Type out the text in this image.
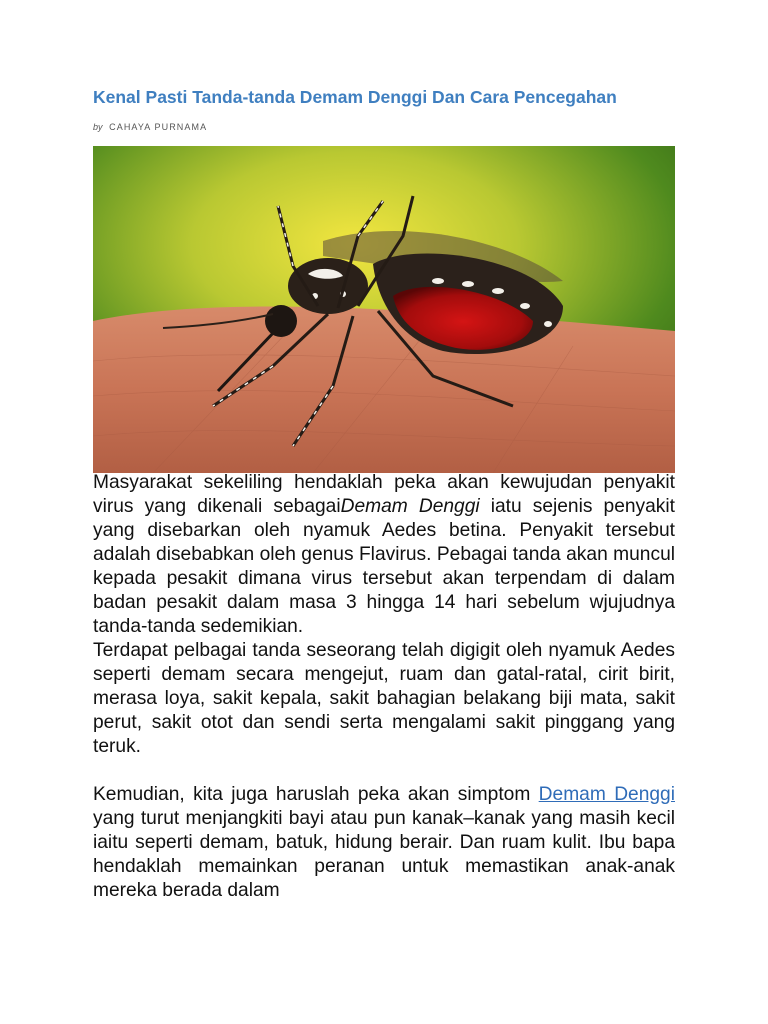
Kenal Pasti Tanda-tanda Demam Denggi Dan Cara Pencegahan
by CAHAYA PURNAMA

Masyarakat sekeliling hendaklah peka akan kewujudan penyakit virus yang dikenali sebagaiDemam Denggi iatu sejenis penyakit yang disebarkan oleh nyamuk Aedes betina. Penyakit tersebut adalah disebabkan oleh genus Flavirus. Pebagai tanda akan muncul kepada pesakit dimana virus tersebut akan terpendam di dalam badan pesakit dalam masa 3 hingga 14 hari sebelum wjujudnya tanda-tanda sedemikian.

Terdapat pelbagai tanda seseorang telah digigit oleh nyamuk Aedes seperti demam secara mengejut, ruam dan gatal-ratal, cirit birit, merasa loya, sakit kepala, sakit bahagian belakang biji mata, sakit perut, sakit otot dan sendi serta mengalami sakit pinggang yang teruk.

Kemudian, kita juga haruslah peka akan simptom Demam Denggi yang turut menjangkiti bayi atau pun kanak–kanak yang masih kecil iaitu seperti demam, batuk, hidung berair. Dan ruam kulit. Ibu bapa hendaklah memainkan peranan untuk memastikan anak-anak mereka berada dalam
